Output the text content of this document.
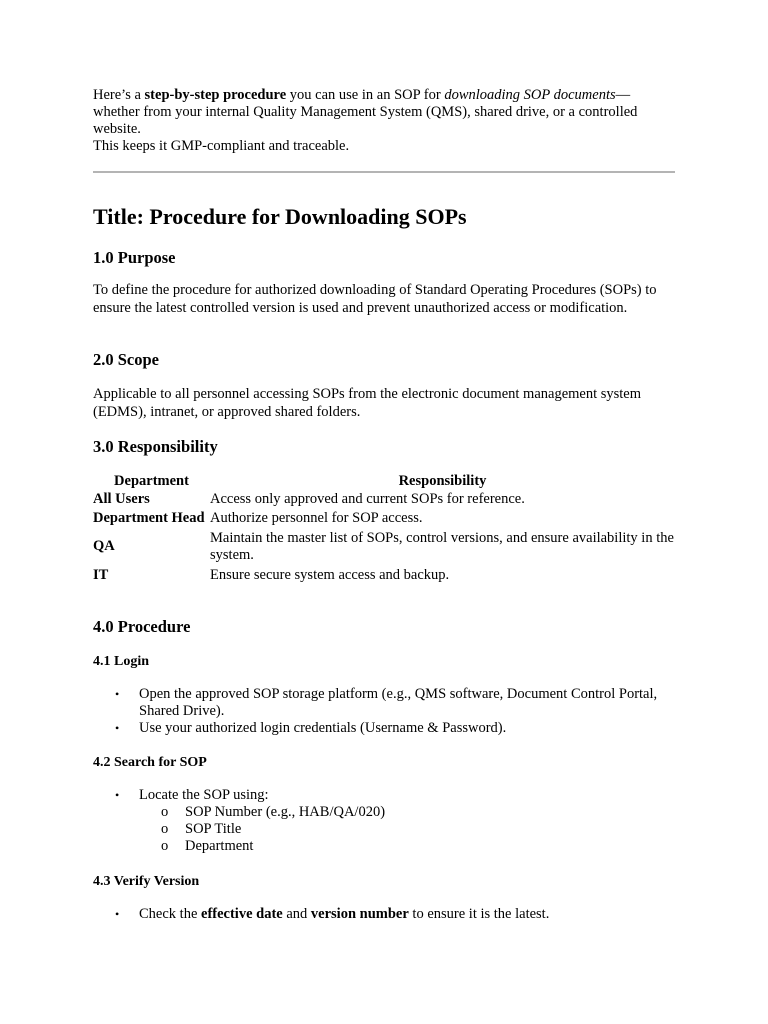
Here’s a step-by-step procedure you can use in an SOP for downloading SOP documents—whether from your internal Quality Management System (QMS), shared drive, or a controlled website.

This keeps it GMP-compliant and traceable.

Title: Procedure for Downloading SOPs
1.0 Purpose

To define the procedure for authorized downloading of Standard Operating Procedures (SOPs) to ensure the latest controlled version is used and prevent unauthorized access or modification.

2.0 Scope

Applicable to all personnel accessing SOPs from the electronic document management system (EDMS), intranet, or approved shared folders.

3.0 Responsibility
Department	Responsibility
All Users	Access only approved and current SOPs for reference.
Department Head	Authorize personnel for SOP access.
QA	Maintain the master list of SOPs, control versions, and ensure availability in the system.
IT	Ensure secure system access and backup.
4.0 Procedure
4.1 Login
• Open the approved SOP storage platform (e.g., QMS software, Document Control Portal, Shared Drive).
• Use your authorized login credentials (Username & Password).
4.2 Search for SOP
• Locate the SOP using:
o SOP Number (e.g., HAB/QA/020)
o SOP Title
o Department
4.3 Verify Version
• Check the effective date and version number to ensure it is the latest.
